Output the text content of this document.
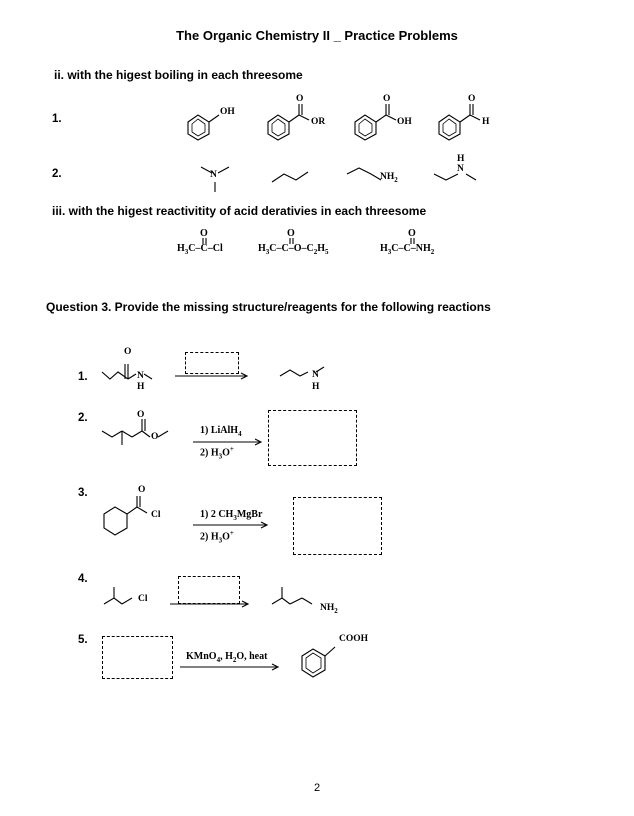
The Organic Chemistry II _ Practice Problems
ii. with the higest boiling in each threesome
1.
OH
O
OR
O
OH
O
H
2.	N	$NH_2$
H
N
iii. with the higest reactivitity of acid derativies in each threesome
O
$H_3C-C-Cl$
O
$H_3C-C-O-C_2H_5$
O
$H_3C-C-NH_2$
Question 3. Provide the missing structure/reagents for the following reactions
1.
O
N
H
N
H
2.	O
O
1) LiAlH$_4$
2) $H_3O^+$
3.	O
Cl	1) 2 $CH_3MgBr$
2) $H_3O^+$
4.
Cl
$NH_2$
5.
KMnO$_4$, $H_2O$, heat
COOH
2
